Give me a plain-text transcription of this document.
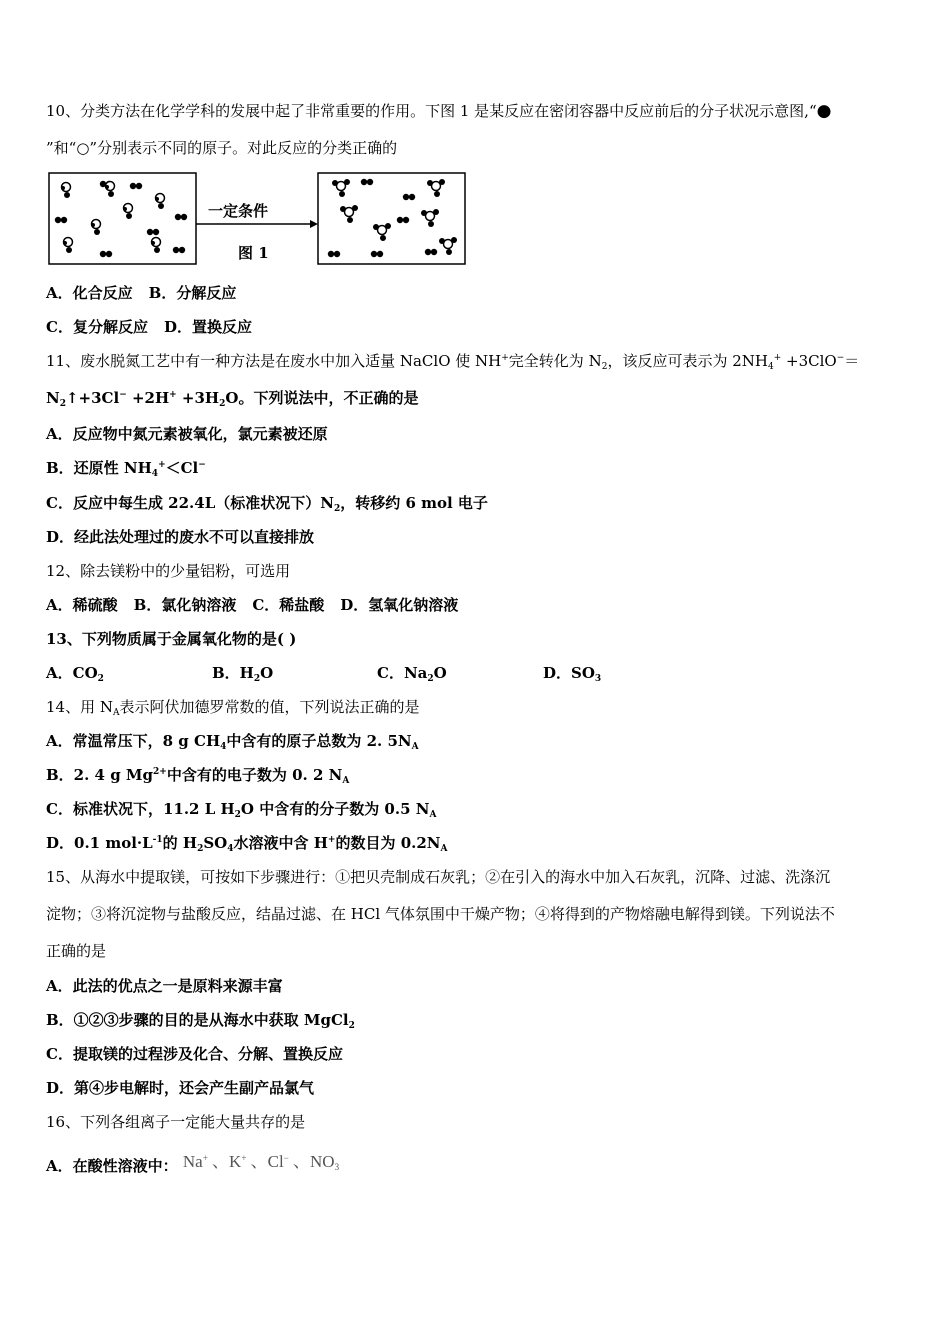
10、分类方法在化学学科的发展中起了非常重要的作用。下图 1 是某反应在密闭容器中反应前后的分子状况示意图,“●
”和“○”分别表示不同的原子。对此反应的分类正确的
一定条件
图 1
A．化合反应 B．分解反应
C．复分解反应 D．置换反应
11、废水脱氮工艺中有一种方法是在废水中加入适量 NaClO 使 NH+完全转化为 $N_2$，该反应可表示为 $2NH_4^+ +3ClO^-=$
$N_2↑+3Cl^- +2H^+ +3H_2O$。下列说法中，不正确的是
A．反应物中氮元素被氧化，氯元素被还原
B．还原性 $NH_4^+<Cl^-$
C．反应中每生成 22.4L（标准状况下）$N_2$，转移约 6 mol 电子
D．经此法处理过的废水不可以直接排放
12、除去镁粉中的少量铝粉，可选用
A．稀硫酸 B．氯化钠溶液 C．稀盐酸 D．氢氧化钠溶液
13、下列物质属于金属氧化物的是( )
A．$CO_2$	B．$H_2O$	C．$Na_2O$	D．$SO_3$
14、用 $N_A$表示阿伏加德罗常数的值，下列说法正确的是
A．常温常压下，8 g $CH_4$中含有的原子总数为 2. $5N_A$
B．2. 4 g $Mg^{2+}$中含有的电子数为 0. 2 $N_A$
C．标准状况下，11.2 L $H_2O$ 中含有的分子数为 0.5 $N_A$
D．0.1 $mol\cdot L^{-1}$的 $H_2SO_4$水溶液中含 H+的数目为 $0.2N_A$
15、从海水中提取镁，可按如下步骤进行：①把贝壳制成石灰乳；②在引入的海水中加入石灰乳，沉降、过滤、洗涤沉
淀物；③将沉淀物与盐酸反应，结晶过滤、在 HCl 气体氛围中干燥产物；④将得到的产物熔融电解得到镁。下列说法不
正确的是
A．此法的优点之一是原料来源丰富
B．①②③步骤的目的是从海水中获取 MgCl$_2$
C．提取镁的过程涉及化合、分解、置换反应
D．第④步电解时，还会产生副产品氯气
16、下列各组离子一定能大量共存的是
A．在酸性溶液中： Na+ 、K+ 、Cl− 、$NO_3$
